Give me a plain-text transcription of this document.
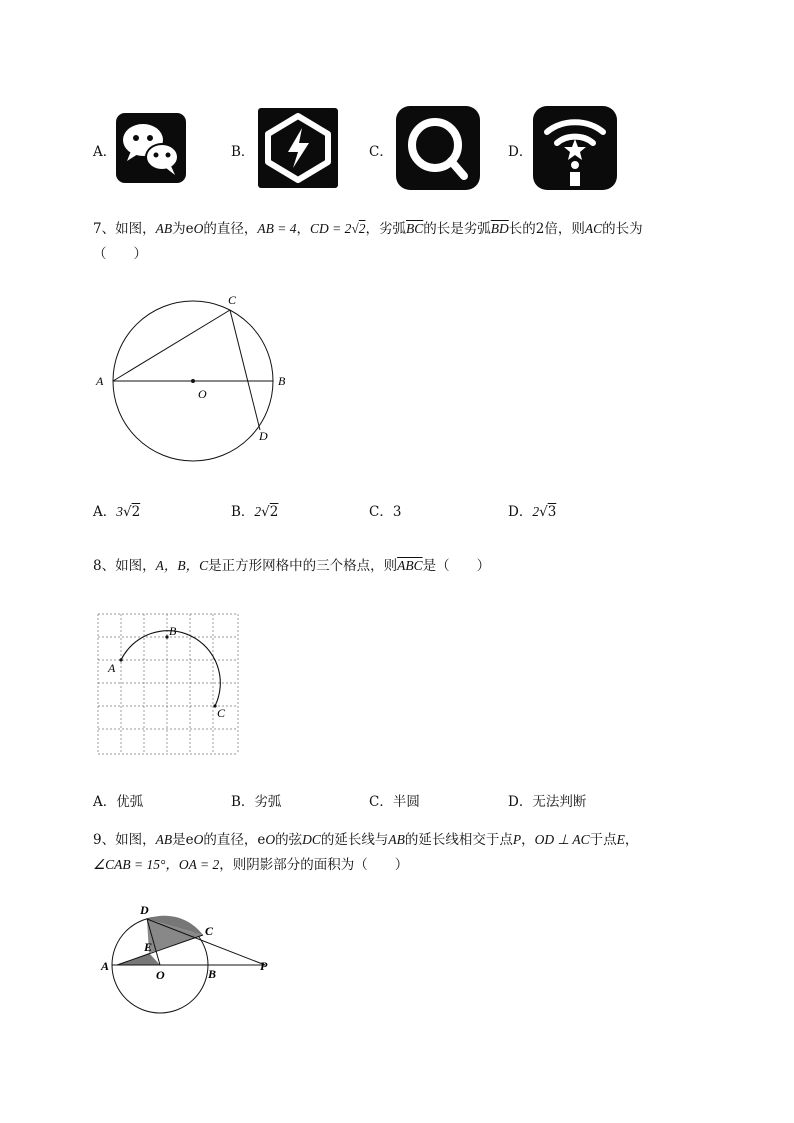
A．	B．	C．	D．
7、如图，AB为eO的直径，AB = 4，CD = 2√2，劣弧$\overline{BC}$的长是劣弧$\overline{BD}$长的2倍，则AC的长为
（　　）
A	B
C
D
O
A．3√2	B．2√2	C．3	D．2√3
8、如图，A，B，C是正方形网格中的三个格点，则$\overline{ABC}$是（　　）
A
B
C
A．优弧	B．劣弧	C．半圆	D．无法判断
9、如图，AB是eO的直径，eO的弦DC的延长线与AB的延长线相交于点P，OD ⊥ AC于点E，
∠CAB = 15°，OA = 2，则阴影部分的面积为（　　）
A
B
C
D
E
O
P
